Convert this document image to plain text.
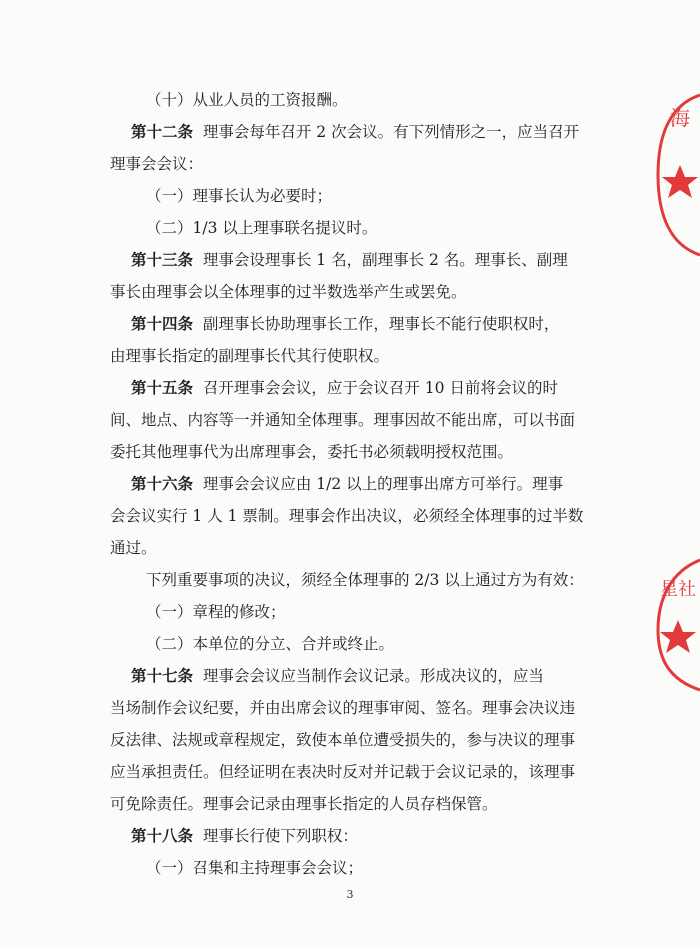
（十）从业人员的工资报酬。
第十二条 理事会每年召开 2 次会议。有下列情形之一，应当召开
理事会会议：
（一）理事长认为必要时；
（二）1/3 以上理事联名提议时。
第十三条 理事会设理事长 1 名，副理事长 2 名。理事长、副理
事长由理事会以全体理事的过半数选举产生或罢免。
第十四条 副理事长协助理事长工作，理事长不能行使职权时，
由理事长指定的副理事长代其行使职权。
第十五条 召开理事会会议，应于会议召开 10 日前将会议的时
间、地点、内容等一并通知全体理事。理事因故不能出席，可以书面
委托其他理事代为出席理事会，委托书必须载明授权范围。
第十六条 理事会会议应由 1/2 以上的理事出席方可举行。理事
会会议实行 1 人 1 票制。理事会作出决议，必须经全体理事的过半数
通过。
下列重要事项的决议，须经全体理事的 2/3 以上通过方为有效：
（一）章程的修改；
（二）本单位的分立、合并或终止。
第十七条 理事会会议应当制作会议记录。形成决议的，应当
当场制作会议纪要，并由出席会议的理事审阅、签名。理事会决议违
反法律、法规或章程规定，致使本单位遭受损失的，参与决议的理事
应当承担责任。但经证明在表决时反对并记载于会议记录的，该理事
可免除责任。理事会记录由理事长指定的人员存档保管。
第十八条 理事长行使下列职权：
（一）召集和主持理事会会议；
3
海
星社
